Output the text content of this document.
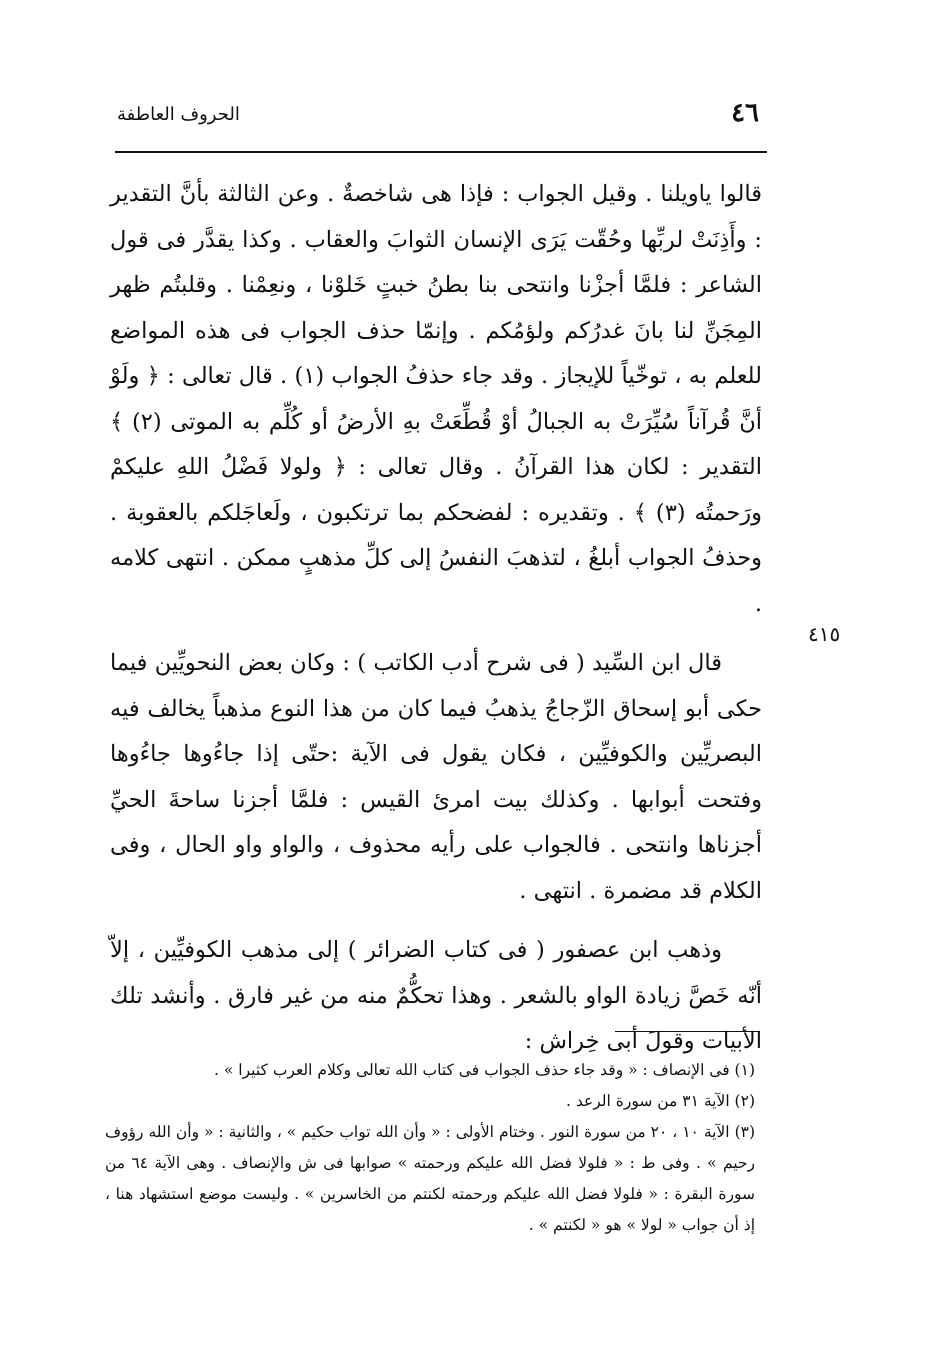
٤٦
الحروف العاطفة

قالوا ياويلنا . وقيل الجواب : فإذا هى شاخصةٌ . وعن الثالثة بأنَّ التقدير : وأَذِنَتْ لربِّها وحُقّت يَرَى الإنسان الثوابَ والعقاب . وكذا يقدَّر فى قول الشاعر : فلمَّا أجزْنا وانتحى بنا بطنُ خبتٍ خَلوْنا ، ونعِمْنا . وقلبتُم ظهر المِجَنِّ لنا بانَ غدرُكم ولؤمُكم . وإنمّا حذف الجواب فى هذه المواضع للعلم به ، توخّياً للإيجاز . وقد جاء حذفُ الجواب (١) . قال تعالى : ﴿ ولَوْ أنَّ قُرآناً سُيِّرَتْ به الجبالُ أوْ قُطِّعَتْ بهِ الأرضُ أو كُلِّم به الموتى (٢) ﴾ التقدير : لكان هذا القرآنُ . وقال تعالى : ﴿ ولولا فَضْلُ اللهِ عليكمْ ورَحمتُه (٣) ﴾ . وتقديره : لفضحكم بما ترتكبون ، ولَعاجَلكم بالعقوبة . وحذفُ الجواب أبلغُ ، لتذهبَ النفسُ إلى كلِّ مذهبٍ ممكن . انتهى كلامه .

قال ابن السِّيد ( فى شرح أدب الكاتب ) : وكان بعض النحويِّين فيما حكى أبو إسحاق الزّجاجُ يذهبُ فيما كان من هذا النوع مذهباً يخالف فيه البصريِّين والكوفيِّين ، فكان يقول فى الآية :حتّى إذا جاءُوها جاءُوها وفتحت أبوابها . وكذلك بيت امرئ القيس : فلمَّا أجزنا ساحةَ الحيِّ أجزناها وانتحى . فالجواب على رأيه محذوف ، والواو واو الحال ، وفى الكلام قد مضمرة . انتهى .

وذهب ابن عصفور ( فى كتاب الضرائر ) إلى مذهب الكوفيِّين ، إلاّ أنّه خَصَّ زيادة الواو بالشعر . وهذا تحكُّمٌ منه من غير فارق . وأنشد تلك الأبيات وقولَ أبى خِراش :

٤١٥

(١) فى الإنصاف : « وقد جاء حذف الجواب فى كتاب الله تعالى وكلام العرب كثيرا » .

(٢) الآية ٣١ من سورة الرعد .

(٣) الآية ١٠ ، ٢٠ من سورة النور . وختام الأولى : « وأن الله تواب حكيم » ، والثانية : « وأن الله رؤوف رحيم » . وفى ط : « فلولا فضل الله عليكم ورحمته » صوابها فى ش والإنصاف . وهى الآية ٦٤ من سورة البقرة : « فلولا فضل الله عليكم ورحمته لكنتم من الخاسرين » . وليست موضع استشهاد هنا ، إذ أن جواب « لولا » هو « لكنتم » .
